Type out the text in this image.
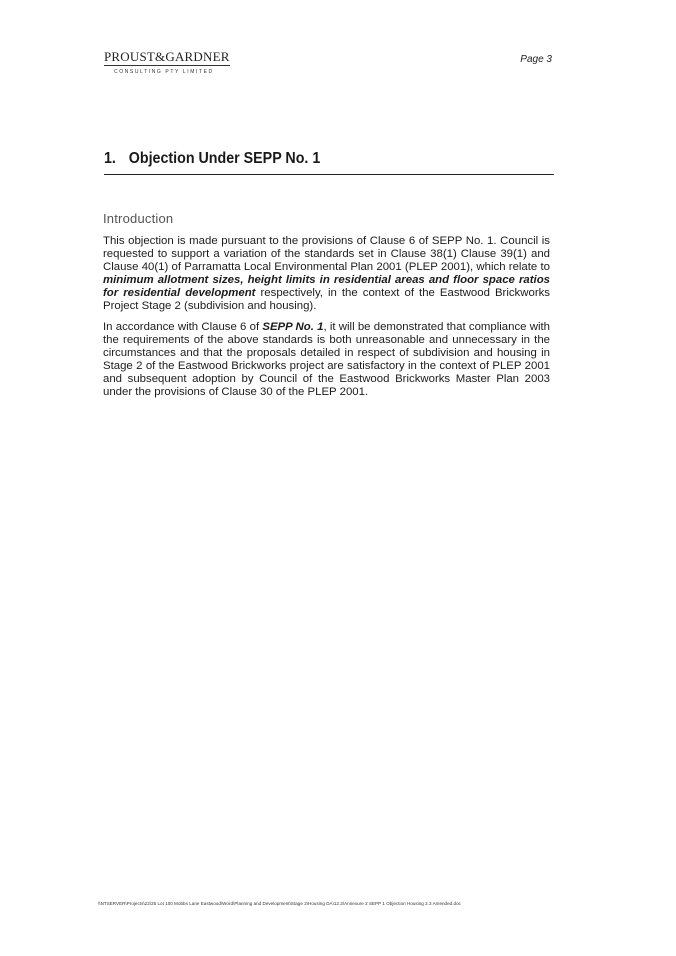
PROUST&GARDNER
CONSULTING PTY LIMITED
Page 3
1. Objection Under SEPP No. 1
Introduction

This objection is made pursuant to the provisions of Clause 6 of SEPP No. 1. Council is requested to support a variation of the standards set in Clause 38(1) Clause 39(1) and Clause 40(1) of Parramatta Local Environmental Plan 2001 (PLEP 2001), which relate to minimum allotment sizes, height limits in residential areas and floor space ratios for residential development respectively, in the context of the Eastwood Brickworks Project Stage 2 (subdivision and housing).

In accordance with Clause 6 of SEPP No. 1, it will be demonstrated that compliance with the requirements of the above standards is both unreasonable and unnecessary in the circumstances and that the proposals detailed in respect of subdivision and housing in Stage 2 of the Eastwood Brickworks project are satisfactory in the context of PLEP 2001 and subsequent adoption by Council of the Eastwood Brickworks Master Plan 2003 under the provisions of Clause 30 of the PLEP 2001.

\\NTSERVER\Projects\22\25 Lot 100 Mobbs Lane Eastwood\Word\Planning and Development\Stage 2\Housing DA\12.3\Annexure 2 SEPP 1 Objection Housing 2.3 Amended.doc
